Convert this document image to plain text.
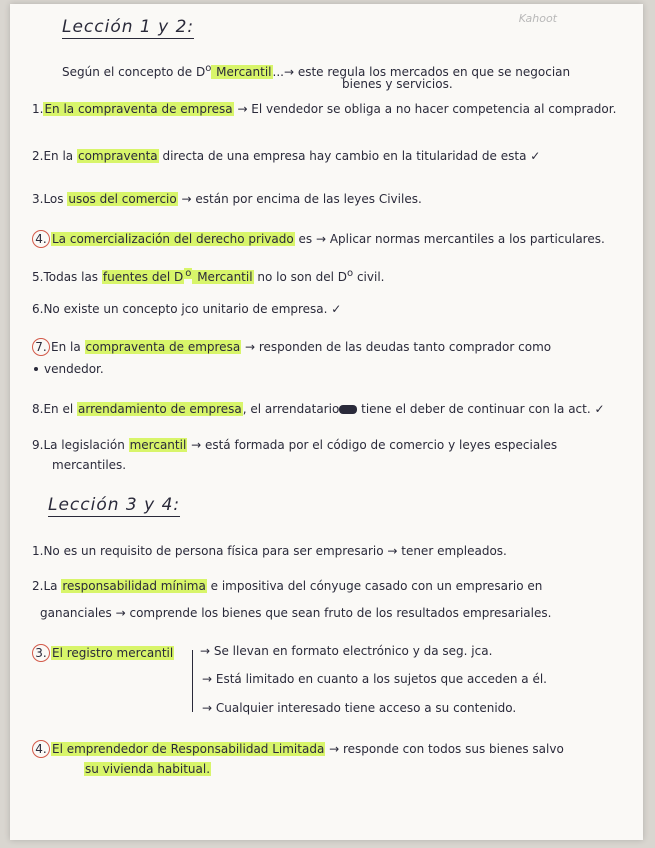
Kahoot
Lección 1 y 2:
Según el concepto de $D^o$ Mercantil...→ este regula los mercados en que se negocian
bienes y servicios.
1.En la compraventa de empresa → El vendedor se obliga a no hacer competencia al comprador.
2.En la compraventa directa de una empresa hay cambio en la titularidad de esta ✓
3.Los usos del comercio → están por encima de las leyes Civiles.
4. La comercialización del derecho privado es → Aplicar normas mercantiles a los particulares.
5.Todas las fuentes del D $^o$ Mercantil no lo son del $D^o$ civil.
6.No existe un concepto jco unitario de empresa. ✓
7. En la compraventa de empresa → responden de las deudas tanto comprador como
vendedor.
8.En el arrendamiento de empresa, el arrendatario tiene el deber de continuar con la act. ✓
9.La legislación mercantil → está formada por el código de comercio y leyes especiales
mercantiles.
Lección 3 y 4:
1.No es un requisito de persona física para ser empresario → tener empleados.
2.La responsabilidad mínima e impositiva del cónyuge casado con un empresario en
gananciales → comprende los bienes que sean fruto de los resultados empresariales.
3. El registro mercantil → Se llevan en formato electrónico y da seg. jca.
→ Está limitado en cuanto a los sujetos que acceden a él.
→ Cualquier interesado tiene acceso a su contenido.
4. El emprendedor de Responsabilidad Limitada → responde con todos sus bienes salvo
su vivienda habitual.
